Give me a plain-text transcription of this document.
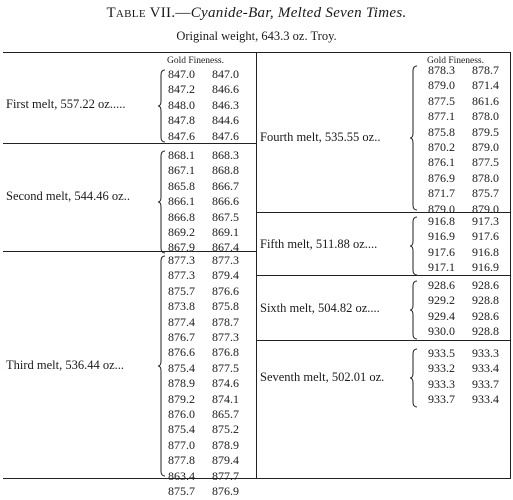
Table VII.—Cyanide-Bar, Melted Seven Times.
Original weight, 643.3 oz. Troy.
Gold Fineness.	Gold Fineness.
First melt, 557.22 oz.....
847.0 847.0
847.2 846.6
848.0 846.3
847.8 844.6
847.6 847.6
Second melt, 544.46 oz..
868.1 868.3
867.1 868.8
865.8 866.7
866.1 866.6
866.8 867.5
869.2 869.1
867.9 867.4
Third melt, 536.44 oz...
877.3 877.3
877.3 879.4
875.7 876.6
873.8 875.8
877.4 878.7
876.7 877.3
876.6 876.8
875.4 877.5
878.9 874.6
879.2 874.1
876.0 865.7
875.4 875.2
877.0 878.9
877.8 879.4
863.4 877.7
875.7 876.9
Fourth melt, 535.55 oz..
878.3 878.7
879.0 871.4
877.5 861.6
877.1 878.0
875.8 879.5
870.2 879.0
876.1 877.5
876.9 878.0
871.7 875.7
879.0 879.0
Fifth melt, 511.88 oz....
916.8 917.3
916.9 917.6
917.6 916.8
917.1 916.9
Sixth melt, 504.82 oz....
928.6 928.6
929.2 928.8
929.4 928.6
930.0 928.8
Seventh melt, 502.01 oz.
933.5 933.3
933.2 933.4
933.3 933.7
933.7 933.4
